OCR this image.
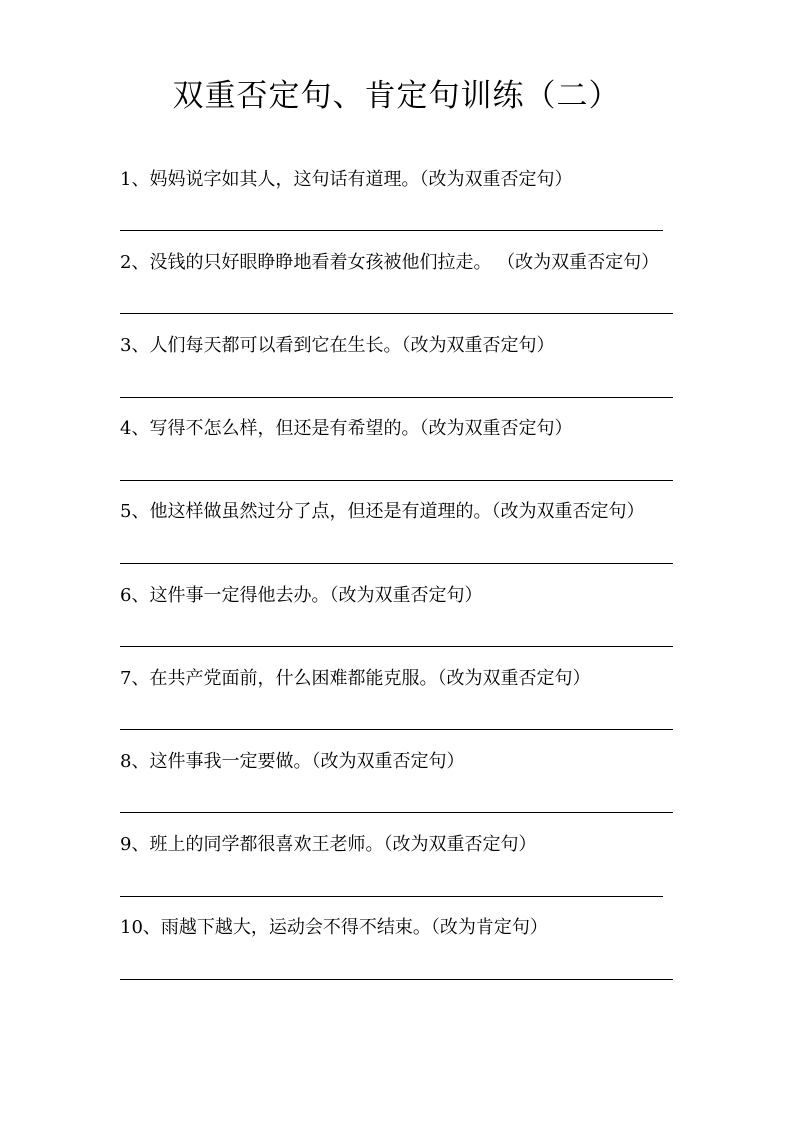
双重否定句、肯定句训练（二）
1、妈妈说字如其人，这句话有道理。（改为双重否定句）
2、没钱的只好眼睁睁地看着女孩被他们拉走。 （改为双重否定句）
3、人们每天都可以看到它在生长。（改为双重否定句）
4、写得不怎么样，但还是有希望的。（改为双重否定句）
5、他这样做虽然过分了点，但还是有道理的。（改为双重否定句）
6、这件事一定得他去办。（改为双重否定句）
7、在共产党面前，什么困难都能克服。（改为双重否定句）
8、这件事我一定要做。（改为双重否定句）
9、班上的同学都很喜欢王老师。（改为双重否定句）
10、雨越下越大，运动会不得不结束。（改为肯定句）
